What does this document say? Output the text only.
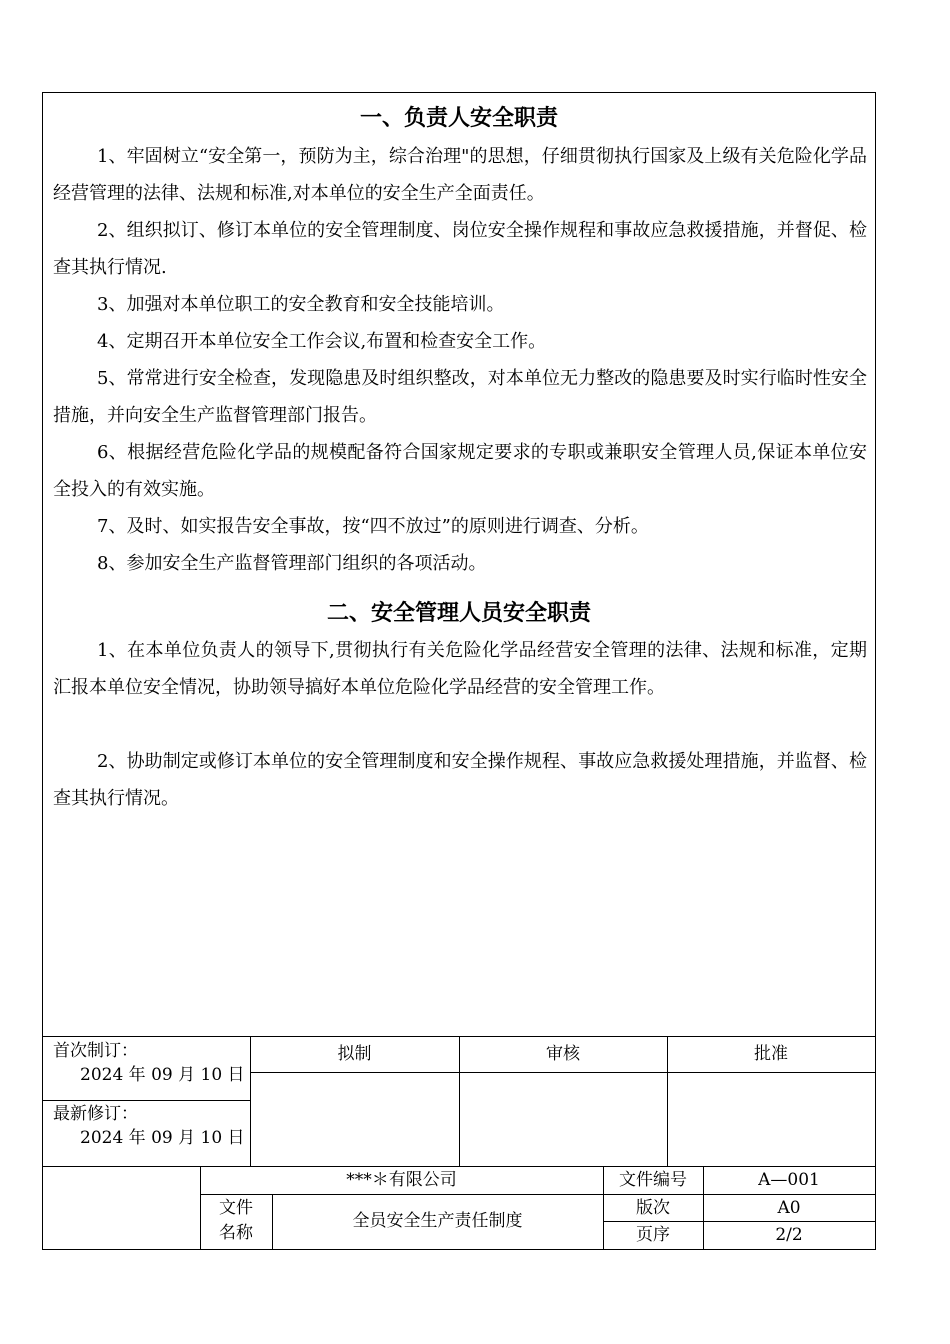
一、负责人安全职责
1、牢固树立“安全第一，预防为主，综合治理"的思想，仔细贯彻执行国家及上级有关危险化学品经营管理的法律、法规和标准,对本单位的安全生产全面责任。
2、组织拟订、修订本单位的安全管理制度、岗位安全操作规程和事故应急救援措施，并督促、检查其执行情况.
3、加强对本单位职工的安全教育和安全技能培训。
4、定期召开本单位安全工作会议,布置和检查安全工作。
5、常常进行安全检查，发现隐患及时组织整改，对本单位无力整改的隐患要及时实行临时性安全措施，并向安全生产监督管理部门报告。
6、根据经营危险化学品的规模配备符合国家规定要求的专职或兼职安全管理人员,保证本单位安全投入的有效实施。
7、及时、如实报告安全事故，按“四不放过”的原则进行调查、分析。
8、参加安全生产监督管理部门组织的各项活动。
二、安全管理人员安全职责
1、在本单位负责人的领导下,贯彻执行有关危险化学品经营安全管理的法律、法规和标准，定期汇报本单位安全情况，协助领导搞好本单位危险化学品经营的安全管理工作。
2、协助制定或修订本单位的安全管理制度和安全操作规程、事故应急救援处理措施，并监督、检查其执行情况。
首次制订：
2024 年 09 月 10 日
最新修订：
2024 年 09 月 10 日
拟制	审核	批准
***＊有限公司	文件编号	A—001
文件
名称
全员安全生产责任制度
版次	A0
页序	2/2
